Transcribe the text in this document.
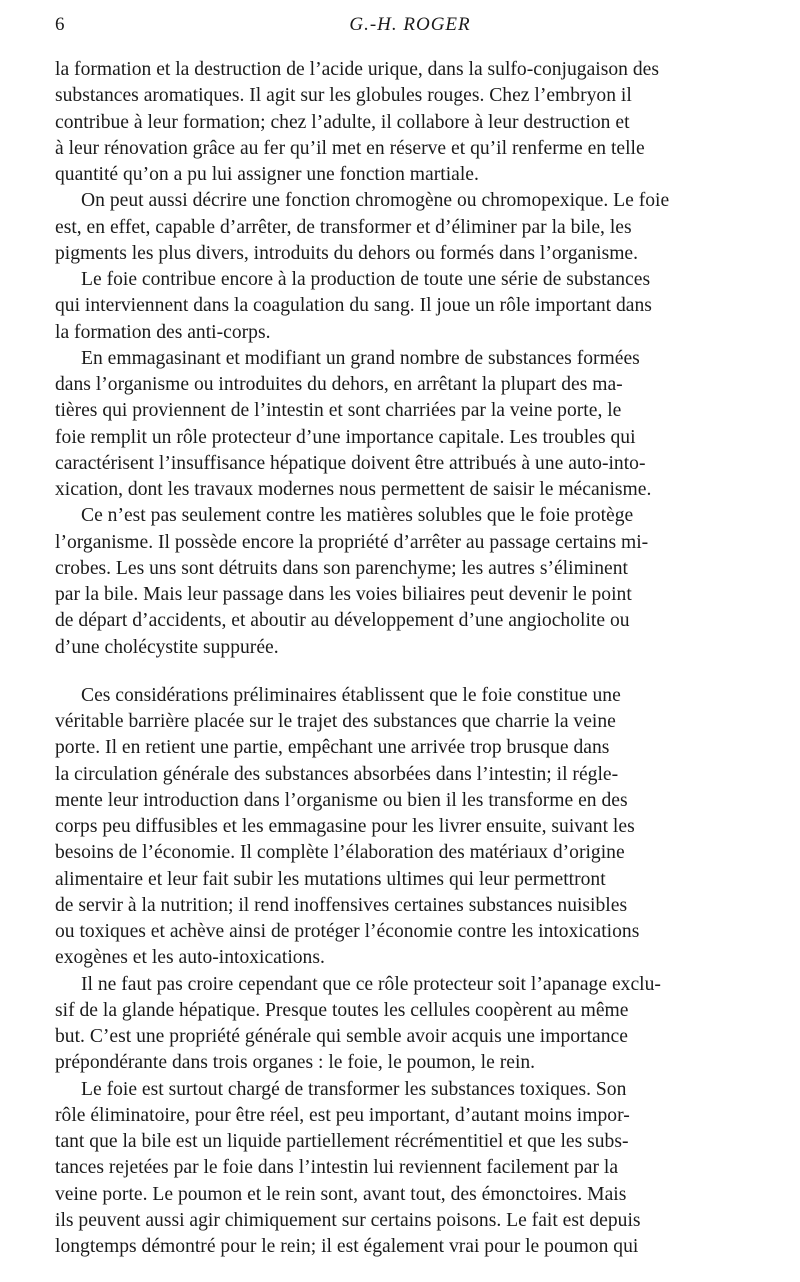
6	G.-H. ROGER

la formation et la destruction de l’acide urique, dans la sulfo-conjugaison des
substances aromatiques. Il agit sur les globules rouges. Chez l’embryon il
contribue à leur formation; chez l’adulte, il collabore à leur destruction et
à leur rénovation grâce au fer qu’il met en réserve et qu’il renferme en telle
quantité qu’on a pu lui assigner une fonction martiale.

On peut aussi décrire une fonction chromogène ou chromopexique. Le foie
est, en effet, capable d’arrêter, de transformer et d’éliminer par la bile, les
pigments les plus divers, introduits du dehors ou formés dans l’organisme.

Le foie contribue encore à la production de toute une série de substances
qui interviennent dans la coagulation du sang. Il joue un rôle important dans
la formation des anti-corps.

En emmagasinant et modifiant un grand nombre de substances formées
dans l’organisme ou introduites du dehors, en arrêtant la plupart des ma-
tières qui proviennent de l’intestin et sont charriées par la veine porte, le
foie remplit un rôle protecteur d’une importance capitale. Les troubles qui
caractérisent l’insuffisance hépatique doivent être attribués à une auto-into-
xication, dont les travaux modernes nous permettent de saisir le mécanisme.

Ce n’est pas seulement contre les matières solubles que le foie protège
l’organisme. Il possède encore la propriété d’arrêter au passage certains mi-
crobes. Les uns sont détruits dans son parenchyme; les autres s’éliminent
par la bile. Mais leur passage dans les voies biliaires peut devenir le point
de départ d’accidents, et aboutir au développement d’une angiocholite ou
d’une cholécystite suppurée.

Ces considérations préliminaires établissent que le foie constitue une
véritable barrière placée sur le trajet des substances que charrie la veine
porte. Il en retient une partie, empêchant une arrivée trop brusque dans
la circulation générale des substances absorbées dans l’intestin; il régle-
mente leur introduction dans l’organisme ou bien il les transforme en des
corps peu diffusibles et les emmagasine pour les livrer ensuite, suivant les
besoins de l’économie. Il complète l’élaboration des matériaux d’origine
alimentaire et leur fait subir les mutations ultimes qui leur permettront
de servir à la nutrition; il rend inoffensives certaines substances nuisibles
ou toxiques et achève ainsi de protéger l’économie contre les intoxications
exogènes et les auto-intoxications.

Il ne faut pas croire cependant que ce rôle protecteur soit l’apanage exclu-
sif de la glande hépatique. Presque toutes les cellules coopèrent au même
but. C’est une propriété générale qui semble avoir acquis une importance
prépondérante dans trois organes : le foie, le poumon, le rein.

Le foie est surtout chargé de transformer les substances toxiques. Son
rôle éliminatoire, pour être réel, est peu important, d’autant moins impor-
tant que la bile est un liquide partiellement récrémentitiel et que les subs-
tances rejetées par le foie dans l’intestin lui reviennent facilement par la
veine porte. Le poumon et le rein sont, avant tout, des émonctoires. Mais
ils peuvent aussi agir chimiquement sur certains poisons. Le fait est depuis
longtemps démontré pour le rein; il est également vrai pour le poumon qui
